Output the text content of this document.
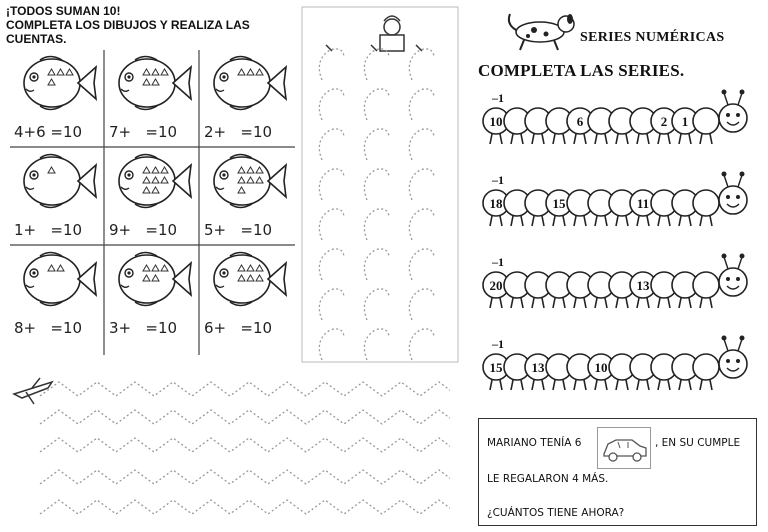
¡TODOS SUMAN 10!
COMPLETA LOS DIBUJOS Y REALIZA LAS
CUENTAS.
4+6 =10 7+   =10 2+   =10
1+   =10 9+   =10 5+   =10
8+   =10 3+   =10 6+   =10
SERIES NUMÉRICAS
COMPLETA LAS SERIES.
–1
10	6	2 1
–1
18	15	11
–1
20	13
–1
15 13	10
MARIANO TENÍA 6	, EN SU CUMPLE
LE REGALARON 4 MÁS.
¿CUÁNTOS TIENE AHORA?
